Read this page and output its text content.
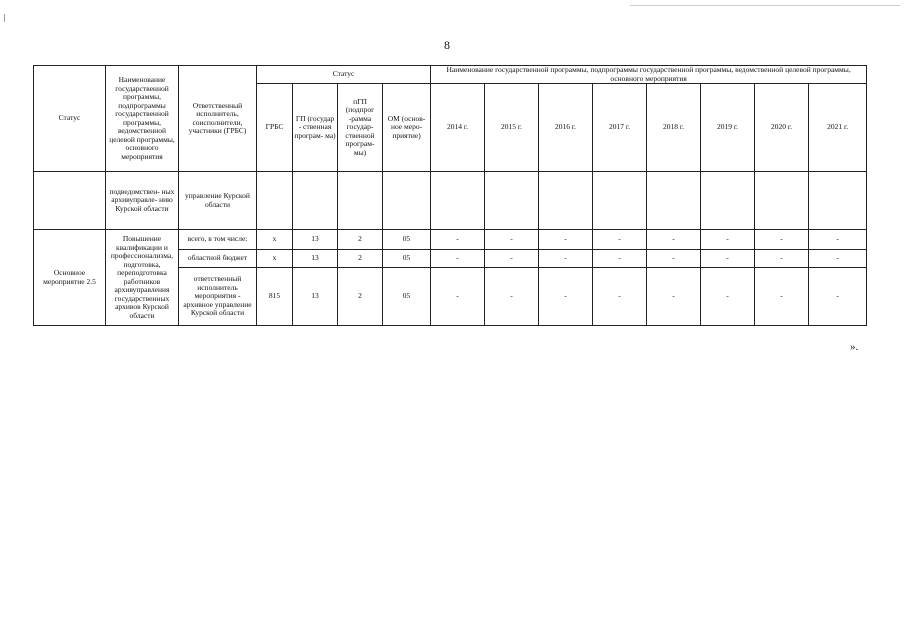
8
Статус	Наименование государственной программы, подпрограммы государственной программы, ведомственной целевой программы, основного мероприятия	Ответственный исполнитель, соисполнители, участники (ГРБС)	Статус				Наименование государственной программы, подпрограммы государственной программы, ведомственной целевой программы, основного мероприятия							
			ГРБС	ГП (государ - ственная програм- ма)	пГП (подпрог -рамма государ- ственной програм- мы)	ОМ (основ- ное меро- приятие)	2014 г.	2015 г.	2016 г.	2017 г.	2018 г.	2019 г.	2020 г.	2021 г.
	подведомствен- ных архивуправле- нию Курской области	управление Курской области												
Основное мероприятие 2.5	Повышение квалификации и профессионализма, подготовка, переподготовка работников архивуправления государственных архивов Курской области	всего, в том числе:	x	13	2	05	-	-	-	-	-	-	-	-
		областной бюджет	x	13	2	05	-	-	-	-	-	-	-	-
		ответственный исполнитель мероприятия - архивное управление Курской области	815	13	2	05	-	-	-	-	-	-	-	-
».
